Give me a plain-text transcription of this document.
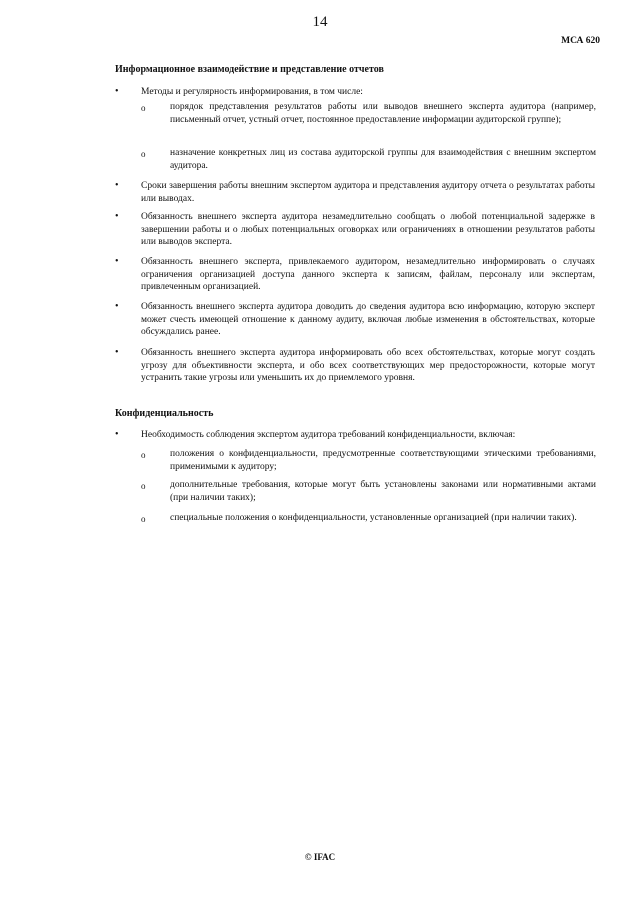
14
МСА 620
Информационное взаимодействие и представление отчетов
• Методы и регулярность информирования, в том числе:
o	порядок представления результатов работы или выводов внешнего эксперта аудитора (например, письменный отчет, устный отчет, постоянное предоставление информации аудиторской группе);
o	назначение конкретных лиц из состава аудиторской группы для взаимодействия с внешним экспертом аудитора.
• Сроки завершения работы внешним экспертом аудитора и представления аудитору отчета о результатах работы или выводах.
• Обязанность внешнего эксперта аудитора незамедлительно сообщать о любой потенциальной задержке в завершении работы и о любых потенциальных оговорках или ограничениях в отношении результатов работы или выводов эксперта.
• Обязанность внешнего эксперта, привлекаемого аудитором, незамедлительно информировать о случаях ограничения организацией доступа данного эксперта к записям, файлам, персоналу или экспертам, привлеченным организацией.
• Обязанность внешнего эксперта аудитора доводить до сведения аудитора всю информацию, которую эксперт может счесть имеющей отношение к данному аудиту, включая любые изменения в обстоятельствах, которые обсуждались ранее.
• Обязанность внешнего эксперта аудитора информировать обо всех обстоятельствах, которые могут создать угрозу для объективности эксперта, и обо всех соответствующих мер предосторожности, которые могут устранить такие угрозы или уменьшить их до приемлемого уровня.
Конфиденциальность
• Необходимость соблюдения экспертом аудитора требований конфиденциальности, включая:
o	положения о конфиденциальности, предусмотренные соответствующими этическими требованиями, применимыми к аудитору;
o	дополнительные требования, которые могут быть установлены законами или нормативными актами (при наличии таких);
o	специальные положения о конфиденциальности, установленные организацией (при наличии таких).
© IFAC
